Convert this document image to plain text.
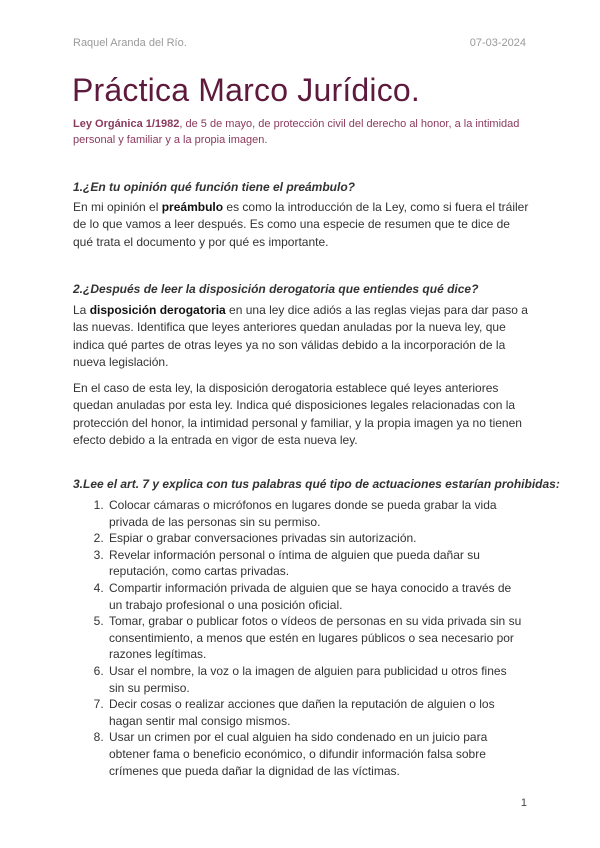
Raquel Aranda del Río.	07-03-2024
Práctica Marco Jurídico.
Ley Orgánica 1/1982, de 5 de mayo, de protección civil del derecho al honor, a la intimidad personal y familiar y a la propia imagen.
1.¿En tu opinión qué función tiene el preámbulo?
En mi opinión el preámbulo es como la introducción de la Ley, como si fuera el tráiler de lo que vamos a leer después. Es como una especie de resumen que te dice de qué trata el documento y por qué es importante.
2.¿Después de leer la disposición derogatoria que entiendes qué dice?
La disposición derogatoria en una ley dice adiós a las reglas viejas para dar paso a las nuevas. Identifica que leyes anteriores quedan anuladas por la nueva ley, que indica qué partes de otras leyes ya no son válidas debido a la incorporación de la nueva legislación.
En el caso de esta ley, la disposición derogatoria establece qué leyes anteriores quedan anuladas por esta ley. Indica qué disposiciones legales relacionadas con la protección del honor, la intimidad personal y familiar, y la propia imagen ya no tienen efecto debido a la entrada en vigor de esta nueva ley.
3.Lee el art. 7 y explica con tus palabras qué tipo de actuaciones estarían prohibidas:
1. Colocar cámaras o micrófonos en lugares donde se pueda grabar la vida privada de las personas sin su permiso.
2. Espiar o grabar conversaciones privadas sin autorización.
3. Revelar información personal o íntima de alguien que pueda dañar su reputación, como cartas privadas.
4. Compartir información privada de alguien que se haya conocido a través de un trabajo profesional o una posición oficial.
5. Tomar, grabar o publicar fotos o vídeos de personas en su vida privada sin su consentimiento, a menos que estén en lugares públicos o sea necesario por razones legítimas.
6. Usar el nombre, la voz o la imagen de alguien para publicidad u otros fines sin su permiso.
7. Decir cosas o realizar acciones que dañen la reputación de alguien o los hagan sentir mal consigo mismos.
8. Usar un crimen por el cual alguien ha sido condenado en un juicio para obtener fama o beneficio económico, o difundir información falsa sobre crímenes que pueda dañar la dignidad de las víctimas.
1
